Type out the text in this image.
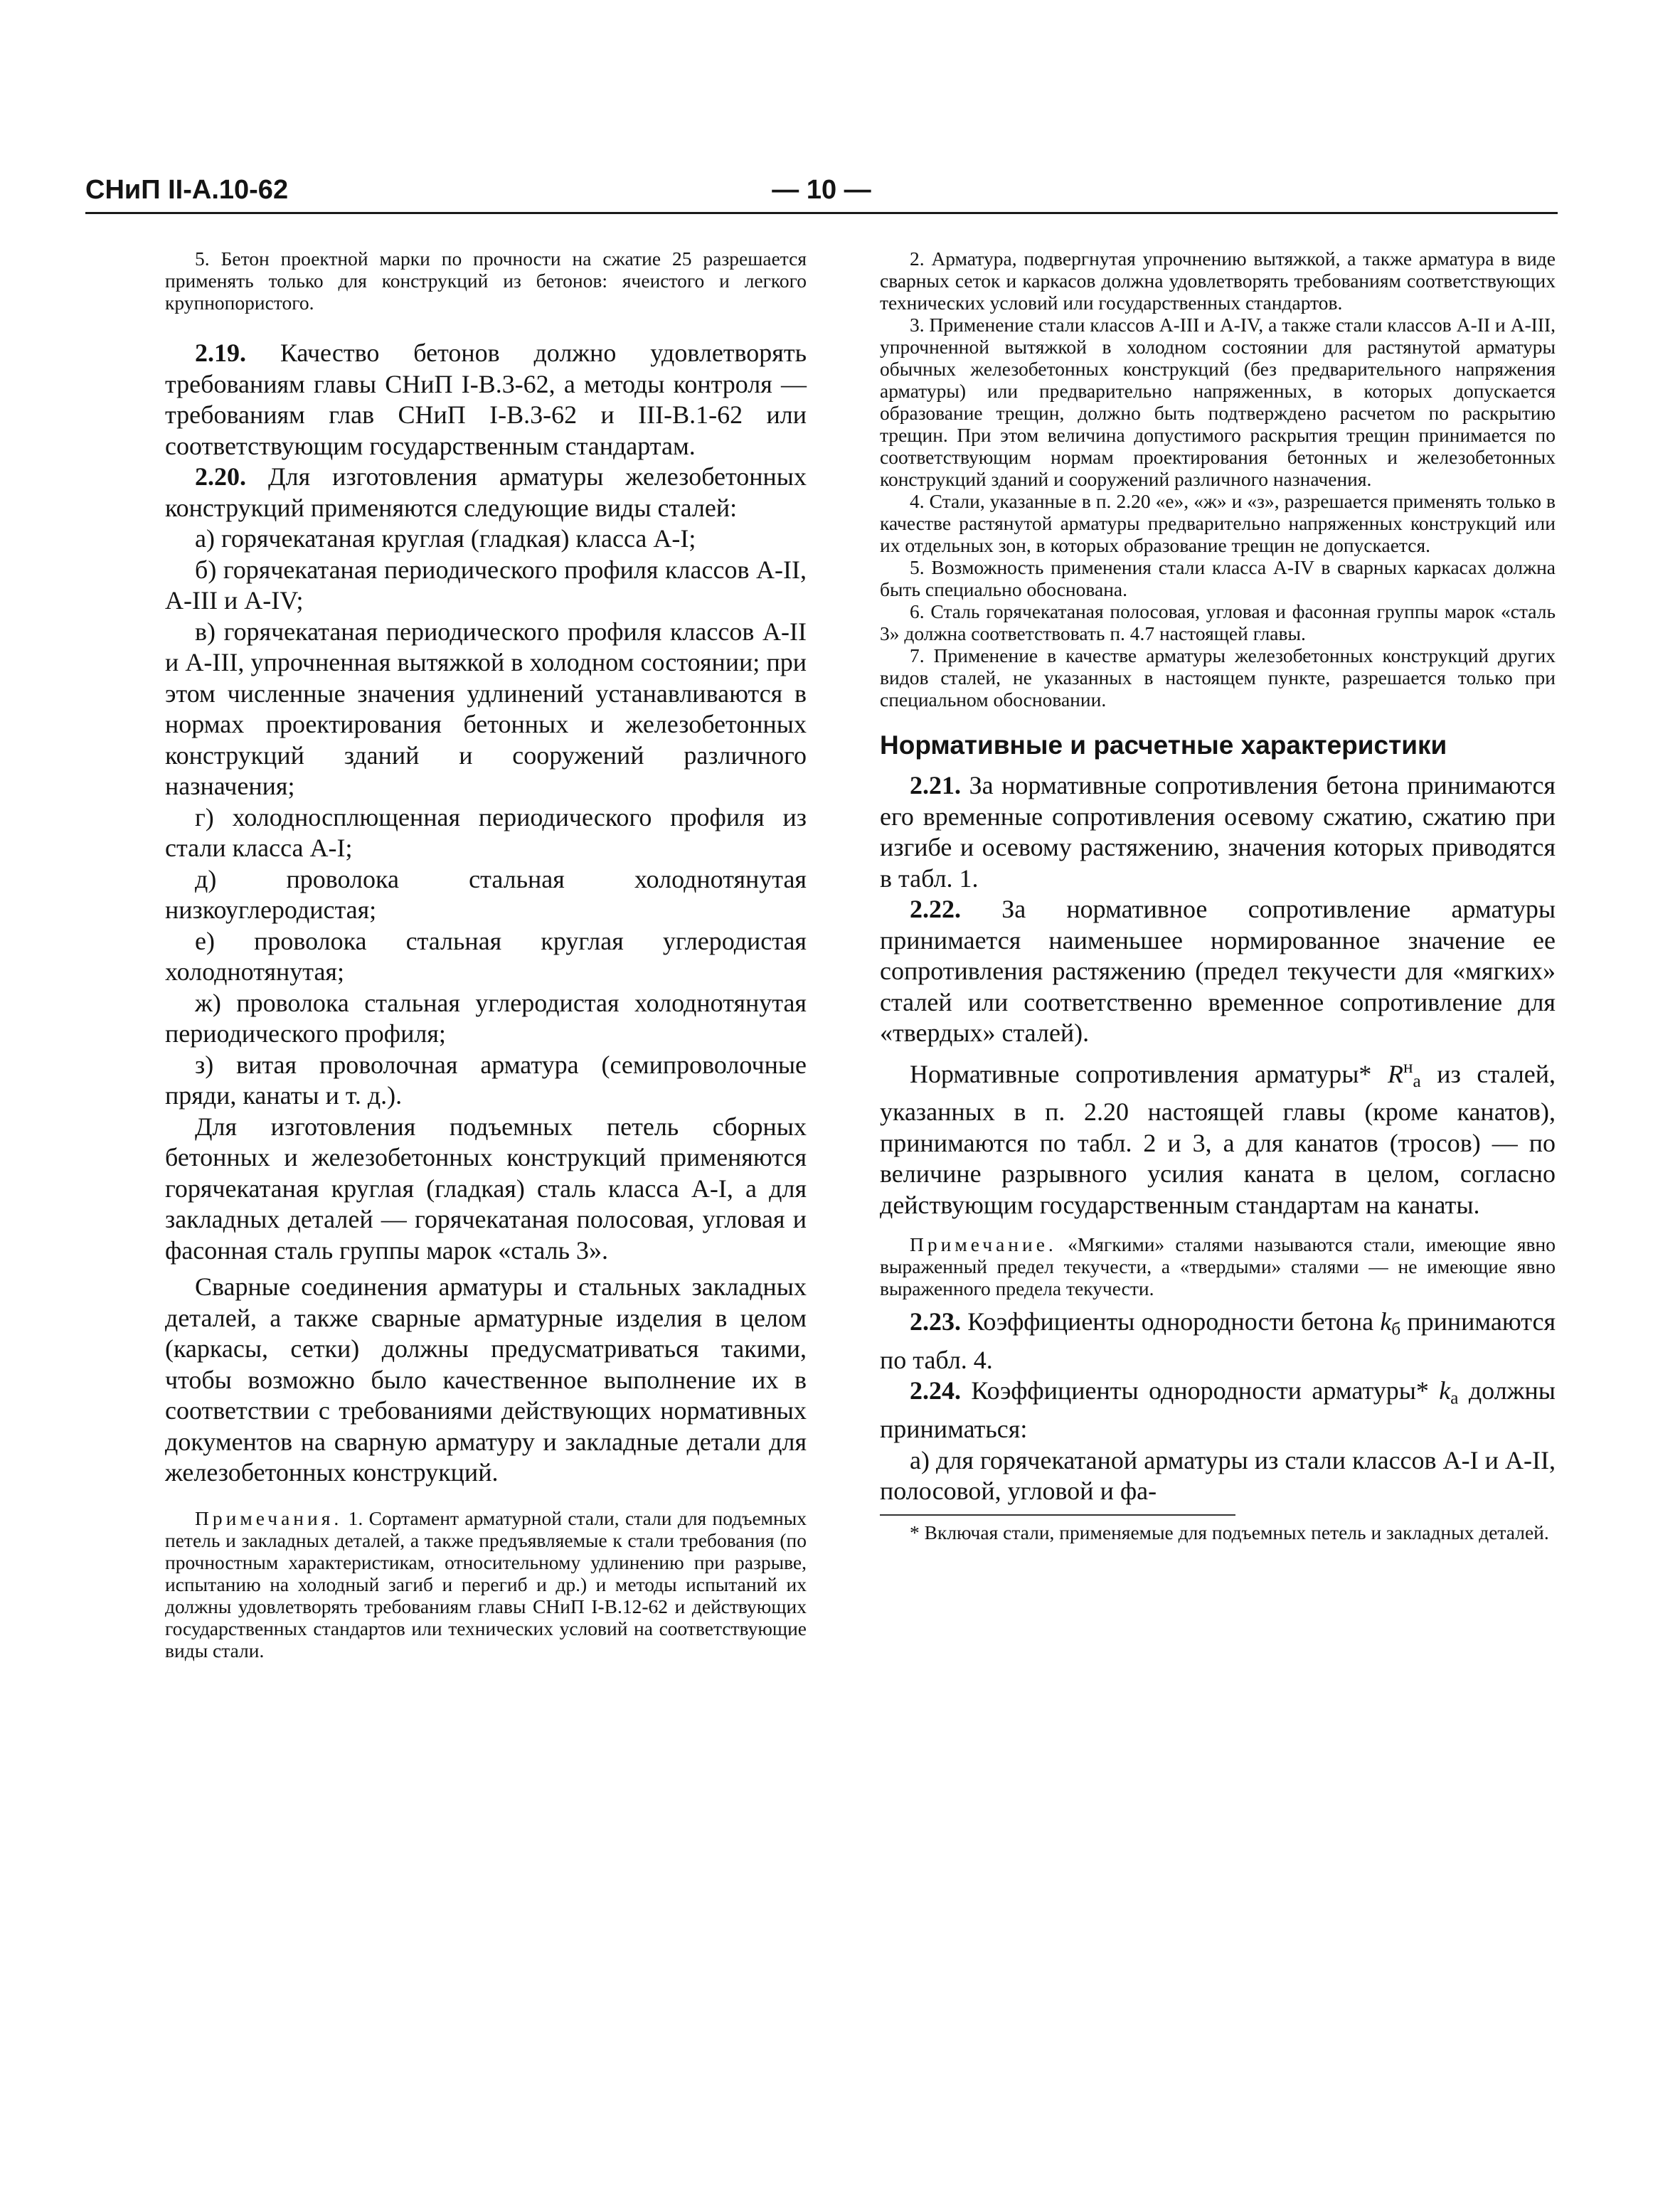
СНиП II-А.10-62	— 10 —

5. Бетон проектной марки по прочности на сжатие 25 разрешается применять только для конструкций из бетонов: ячеистого и легкого крупнопористого.

2.19. Качество бетонов должно удовлетворять требованиям главы СНиП I-В.3-62, а методы контроля — требованиям глав СНиП I-В.3-62 и III-В.1-62 или соответствующим государственным стандартам.

2.20. Для изготовления арматуры железобетонных конструкций применяются следующие виды сталей:

а) горячекатаная круглая (гладкая) класса А-I;

б) горячекатаная периодического профиля классов А-II, А-III и А-IV;

в) горячекатаная периодического профиля классов А-II и А-III, упрочненная вытяжкой в холодном состоянии; при этом численные значения удлинений устанавливаются в нормах проектирования бетонных и железобетонных конструкций зданий и сооружений различного назначения;

г) холодносплющенная периодического профиля из стали класса А-I;

д) проволока стальная холоднотянутая низкоуглеродистая;

е) проволока стальная круглая углеродистая холоднотянутая;

ж) проволока стальная углеродистая холоднотянутая периодического профиля;

з) витая проволочная арматура (семипроволочные пряди, канаты и т. д.).

Для изготовления подъемных петель сборных бетонных и железобетонных конструкций применяются горячекатаная круглая (гладкая) сталь класса А-I, а для закладных деталей — горячекатаная полосовая, угловая и фасонная сталь группы марок «сталь 3».

Сварные соединения арматуры и стальных закладных деталей, а также сварные арматурные изделия в целом (каркасы, сетки) должны предусматриваться такими, чтобы возможно было качественное выполнение их в соответствии с требованиями действующих нормативных документов на сварную арматуру и закладные детали для железобетонных конструкций.

Примечания. 1. Сортамент арматурной стали, стали для подъемных петель и закладных деталей, а также предъявляемые к стали требования (по прочностным характеристикам, относительному удлинению при разрыве, испытанию на холодный загиб и перегиб и др.) и методы испытаний их должны удовлетворять требованиям главы СНиП I-В.12-62 и действующих государственных стандартов или технических условий на соответствующие виды стали.

2. Арматура, подвергнутая упрочнению вытяжкой, а также арматура в виде сварных сеток и каркасов должна удовлетворять требованиям соответствующих технических условий или государственных стандартов.

3. Применение стали классов А-III и А-IV, а также стали классов А-II и А-III, упрочненной вытяжкой в холодном состоянии для растянутой арматуры обычных железобетонных конструкций (без предварительного напряжения арматуры) или предварительно напряженных, в которых допускается образование трещин, должно быть подтверждено расчетом по раскрытию трещин. При этом величина допустимого раскрытия трещин принимается по соответствующим нормам проектирования бетонных и железобетонных конструкций зданий и сооружений различного назначения.

4. Стали, указанные в п. 2.20 «е», «ж» и «з», разрешается применять только в качестве растянутой арматуры предварительно напряженных конструкций или их отдельных зон, в которых образование трещин не допускается.

5. Возможность применения стали класса А-IV в сварных каркасах должна быть специально обоснована.

6. Сталь горячекатаная полосовая, угловая и фасонная группы марок «сталь 3» должна соответствовать п. 4.7 настоящей главы.

7. Применение в качестве арматуры железобетонных конструкций других видов сталей, не указанных в настоящем пункте, разрешается только при специальном обосновании.

Нормативные и расчетные характеристики

2.21. За нормативные сопротивления бетона принимаются его временные сопротивления осевому сжатию, сжатию при изгибе и осевому растяжению, значения которых приводятся в табл. 1.

2.22. За нормативное сопротивление арматуры принимается наименьшее нормированное значение ее сопротивления растяжению (предел текучести для «мягких» сталей или соответственно временное сопротивление для «твердых» сталей).

Нормативные сопротивления арматуры* $R^н_а$ из сталей, указанных в п. 2.20 настоящей главы (кроме канатов), принимаются по табл. 2 и 3, а для канатов (тросов) — по величине разрывного усилия каната в целом, согласно действующим государственным стандартам на канаты.

Примечание. «Мягкими» сталями называются стали, имеющие явно выраженный предел текучести, а «твердыми» сталями — не имеющие явно выраженного предела текучести.

2.23. Коэффициенты однородности бетона $k_б$ принимаются по табл. 4.

2.24. Коэффициенты однородности арматуры* $k_а$ должны приниматься:

а) для горячекатаной арматуры из стали классов А-I и А-II, полосовой, угловой и фа-

* Включая стали, применяемые для подъемных петель и закладных деталей.
